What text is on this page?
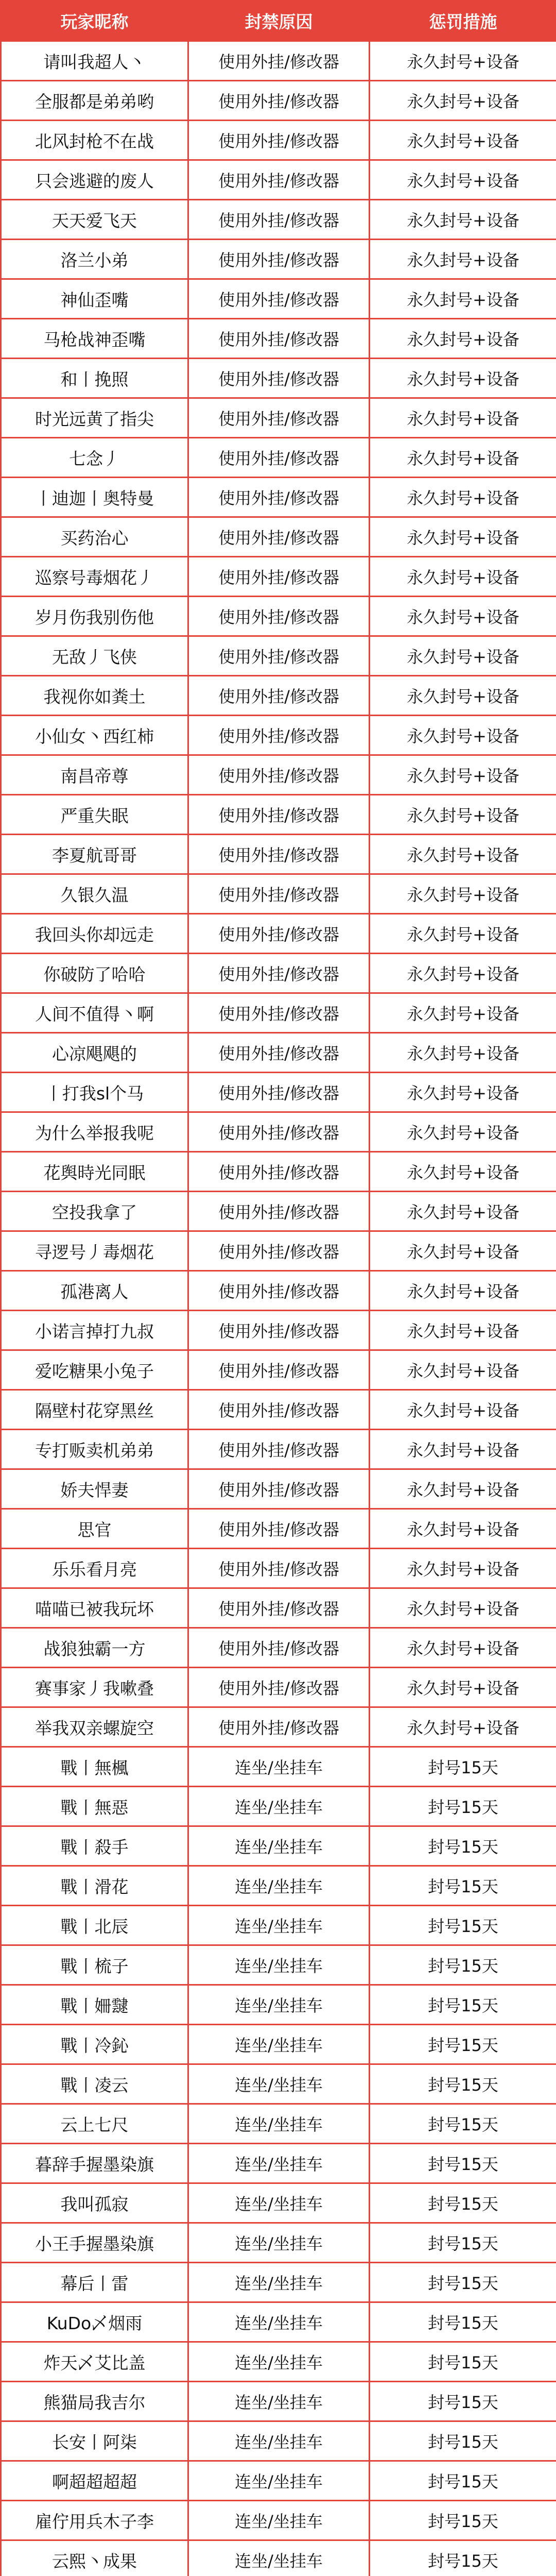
玩家昵称	封禁原因	惩罚措施
请叫我超人丶	使用外挂/修改器	永久封号+设备
全服都是弟弟哟	使用外挂/修改器	永久封号+设备
北风封枪不在战	使用外挂/修改器	永久封号+设备
只会逃避的废人	使用外挂/修改器	永久封号+设备
天天爱飞天	使用外挂/修改器	永久封号+设备
洛兰小弟	使用外挂/修改器	永久封号+设备
神仙歪嘴	使用外挂/修改器	永久封号+设备
马枪战神歪嘴	使用外挂/修改器	永久封号+设备
和丨挽照	使用外挂/修改器	永久封号+设备
时光远黄了指尖	使用外挂/修改器	永久封号+设备
七念丿	使用外挂/修改器	永久封号+设备
丨迪迦丨奥特曼	使用外挂/修改器	永久封号+设备
买药治心	使用外挂/修改器	永久封号+设备
巡察号毒烟花丿	使用外挂/修改器	永久封号+设备
岁月伤我别伤他	使用外挂/修改器	永久封号+设备
无敌丿飞侠	使用外挂/修改器	永久封号+设备
我视你如粪土	使用外挂/修改器	永久封号+设备
小仙女丶西红柿	使用外挂/修改器	永久封号+设备
南昌帝尊	使用外挂/修改器	永久封号+设备
严重失眠	使用外挂/修改器	永久封号+设备
李夏航哥哥	使用外挂/修改器	永久封号+设备
久银久温	使用外挂/修改器	永久封号+设备
我回头你却远走	使用外挂/修改器	永久封号+设备
你破防了哈哈	使用外挂/修改器	永久封号+设备
人间不值得丶啊	使用外挂/修改器	永久封号+设备
心凉飓飓的	使用外挂/修改器	永久封号+设备
丨打我sl个马	使用外挂/修改器	永久封号+设备
为什么举报我呢	使用外挂/修改器	永久封号+设备
花舆時光同眠	使用外挂/修改器	永久封号+设备
空投我拿了	使用外挂/修改器	永久封号+设备
寻逻号丿毒烟花	使用外挂/修改器	永久封号+设备
孤港离人	使用外挂/修改器	永久封号+设备
小诺言掉打九叔	使用外挂/修改器	永久封号+设备
爱吃糖果小兔子	使用外挂/修改器	永久封号+设备
隔壁村花穿黑丝	使用外挂/修改器	永久封号+设备
专打贩卖机弟弟	使用外挂/修改器	永久封号+设备
娇夫悍妻	使用外挂/修改器	永久封号+设备
思官	使用外挂/修改器	永久封号+设备
乐乐看月亮	使用外挂/修改器	永久封号+设备
喵喵已被我玩坏	使用外挂/修改器	永久封号+设备
战狼独霸一方	使用外挂/修改器	永久封号+设备
赛事家丿我嗽叠	使用外挂/修改器	永久封号+设备
举我双亲螺旋空	使用外挂/修改器	永久封号+设备
戰丨無楓	连坐/坐挂车	封号15天
戰丨無惡	连坐/坐挂车	封号15天
戰丨殺手	连坐/坐挂车	封号15天
戰丨滑花	连坐/坐挂车	封号15天
戰丨北辰	连坐/坐挂车	封号15天
戰丨梳子	连坐/坐挂车	封号15天
戰丨姍靆	连坐/坐挂车	封号15天
戰丨冷鈊	连坐/坐挂车	封号15天
戰丨凌云	连坐/坐挂车	封号15天
云上七尺	连坐/坐挂车	封号15天
暮辞手握墨染旗	连坐/坐挂车	封号15天
我叫孤寂	连坐/坐挂车	封号15天
小王手握墨染旗	连坐/坐挂车	封号15天
幕后丨雷	连坐/坐挂车	封号15天
KuDo乄烟雨	连坐/坐挂车	封号15天
炸天乄艾比盖	连坐/坐挂车	封号15天
熊猫局我吉尔	连坐/坐挂车	封号15天
长安丨阿柒	连坐/坐挂车	封号15天
啊超超超超	连坐/坐挂车	封号15天
雇佇用兵木子李	连坐/坐挂车	封号15天
云熙丶成果	连坐/坐挂车	封号15天
